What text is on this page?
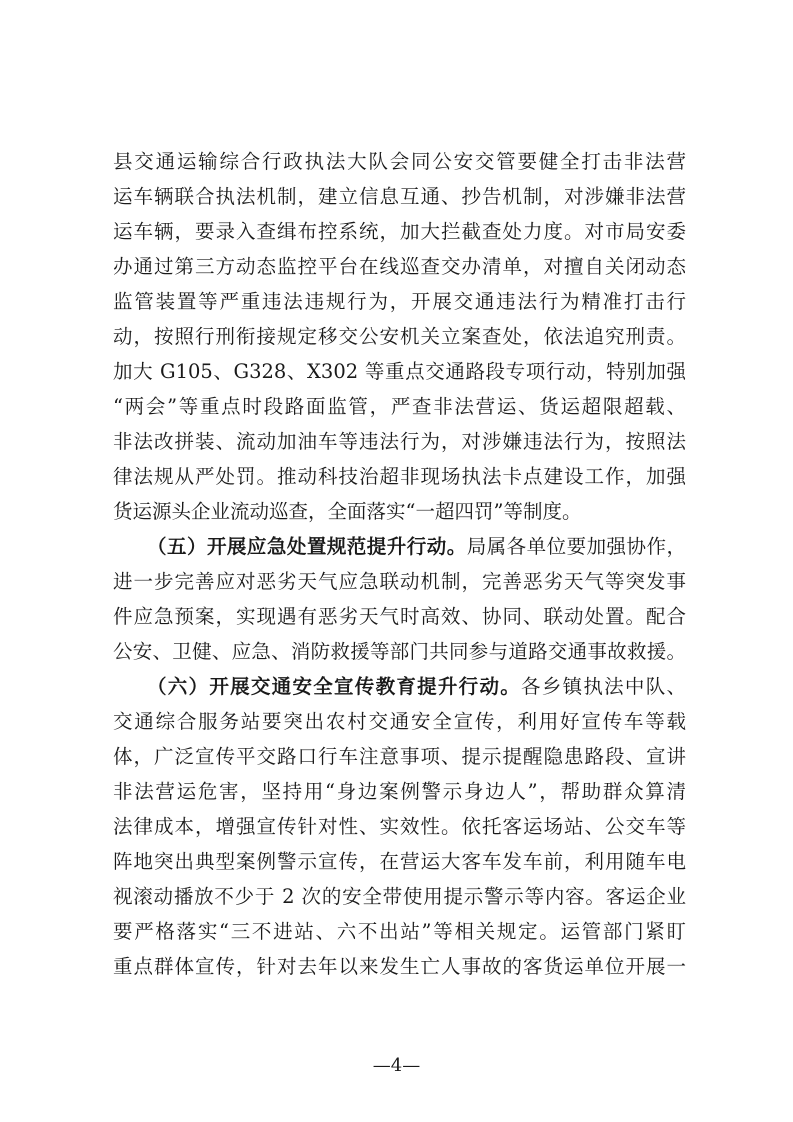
县交通运输综合行政执法大队会同公安交管要健全打击非法营
运车辆联合执法机制，建立信息互通、抄告机制，对涉嫌非法营
运车辆，要录入查缉布控系统，加大拦截查处力度。对市局安委
办通过第三方动态监控平台在线巡查交办清单，对擅自关闭动态
监管装置等严重违法违规行为，开展交通违法行为精准打击行
动，按照行刑衔接规定移交公安机关立案查处，依法追究刑责。
加大 G105、G328、X302 等重点交通路段专项行动，特别加强
“两会”等重点时段路面监管，严查非法营运、货运超限超载、
非法改拼装、流动加油车等违法行为，对涉嫌违法行为，按照法
律法规从严处罚。推动科技治超非现场执法卡点建设工作，加强
货运源头企业流动巡查，全面落实“一超四罚”等制度。
（五）开展应急处置规范提升行动。局属各单位要加强协作，
进一步完善应对恶劣天气应急联动机制，完善恶劣天气等突发事
件应急预案，实现遇有恶劣天气时高效、协同、联动处置。配合
公安、卫健、应急、消防救援等部门共同参与道路交通事故救援。
（六）开展交通安全宣传教育提升行动。各乡镇执法中队、
交通综合服务站要突出农村交通安全宣传，利用好宣传车等载
体，广泛宣传平交路口行车注意事项、提示提醒隐患路段、宣讲
非法营运危害，坚持用“身边案例警示身边人”，帮助群众算清
法律成本，增强宣传针对性、实效性。依托客运场站、公交车等
阵地突出典型案例警示宣传，在营运大客车发车前，利用随车电
视滚动播放不少于 2 次的安全带使用提示警示等内容。客运企业
要严格落实“三不进站、六不出站”等相关规定。运管部门紧盯
重点群体宣传，针对去年以来发生亡人事故的客货运单位开展一
—4—
